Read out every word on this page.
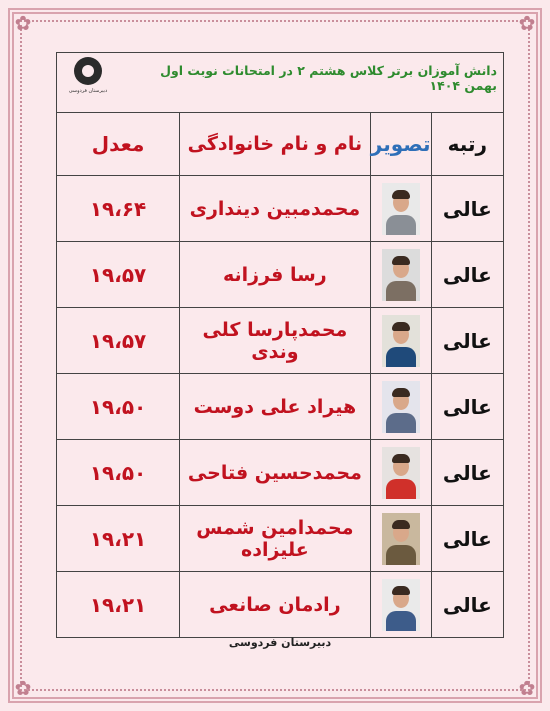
✿	✿
✿	✿
دبیرستان فردوسی
دانش آموزان برتر کلاس هشتم ۲ در امتحانات نوبت اول بهمن ۱۴۰۴
رتبه	تصویر	نام و نام خانوادگی	معدل
عالی		محمدمبین دینداری	۱۹،۶۴
عالی		رسا فرزانه	۱۹،۵۷
عالی		محمدپارسا کلی وندی	۱۹،۵۷
عالی		هیراد علی دوست	۱۹،۵۰
عالی		محمدحسین فتاحی	۱۹،۵۰
عالی		محمدامین شمس علیزاده	۱۹،۲۱
عالی		رادمان صانعی	۱۹،۲۱
دبیرستان فردوسی
